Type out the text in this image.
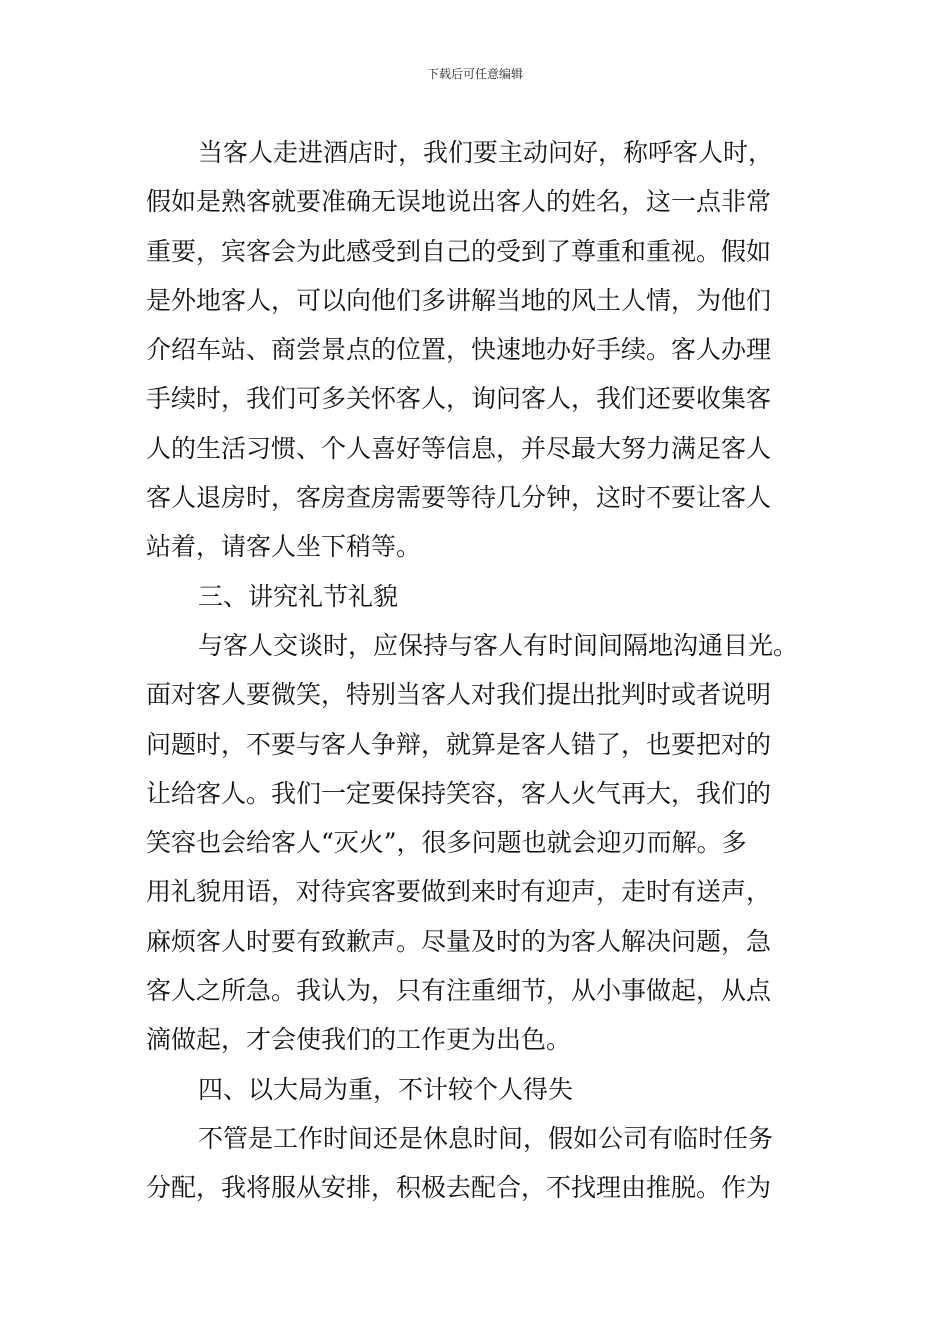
下载后可任意编辑
当客人走进酒店时，我们要主动问好，称呼客人时，
假如是熟客就要准确无误地说出客人的姓名，这一点非常
重要，宾客会为此感受到自己的受到了尊重和重视。假如
是外地客人，可以向他们多讲解当地的风土人情，为他们
介绍车站、商尝景点的位置，快速地办好手续。客人办理
手续时，我们可多关怀客人，询问客人，我们还要收集客
人的生活习惯、个人喜好等信息，并尽最大努力满足客人
客人退房时，客房查房需要等待几分钟，这时不要让客人
站着，请客人坐下稍等。
三、讲究礼节礼貌
与客人交谈时，应保持与客人有时间间隔地沟通目光。
面对客人要微笑，特别当客人对我们提出批判时或者说明
问题时，不要与客人争辩，就算是客人错了，也要把对的
让给客人。我们一定要保持笑容，客人火气再大，我们的
笑容也会给客人“灭火”，很多问题也就会迎刃而解。多
用礼貌用语，对待宾客要做到来时有迎声，走时有送声，
麻烦客人时要有致歉声。尽量及时的为客人解决问题，急
客人之所急。我认为，只有注重细节，从小事做起，从点
滴做起，才会使我们的工作更为出色。
四、以大局为重，不计较个人得失
不管是工作时间还是休息时间，假如公司有临时任务
分配，我将服从安排，积极去配合，不找理由推脱。作为
